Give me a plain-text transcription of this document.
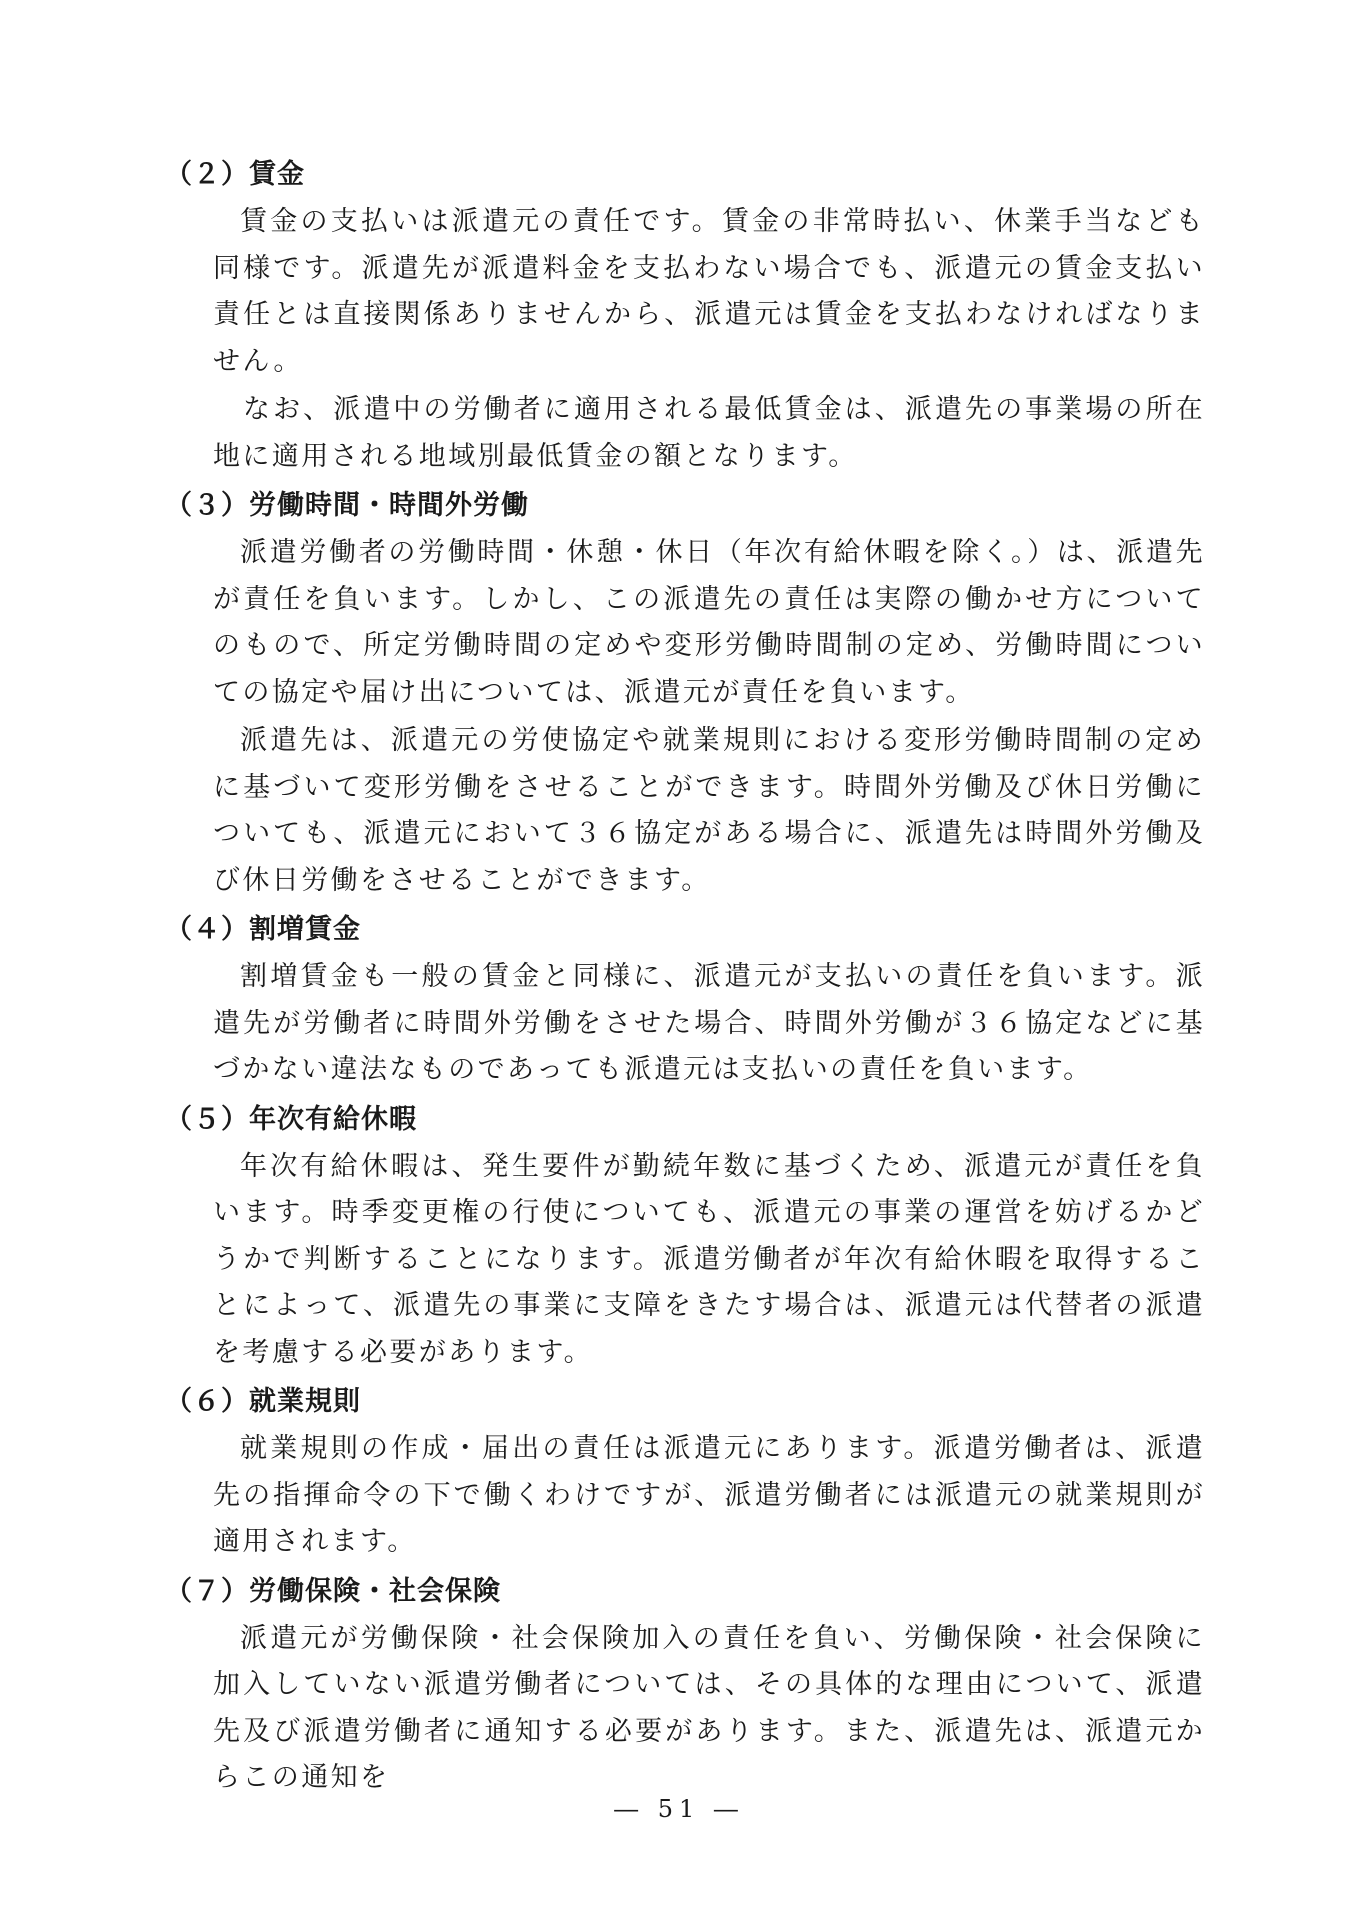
（２）賃金

賃金の支払いは派遣元の責任です。賃金の非常時払い、休業手当なども同様です。派遣先が派遣料金を支払わない場合でも、派遣元の賃金支払い責任とは直接関係ありませんから、派遣元は賃金を支払わなければなりません。

なお、派遣中の労働者に適用される最低賃金は、派遣先の事業場の所在地に適用される地域別最低賃金の額となります。

（３）労働時間・時間外労働

派遣労働者の労働時間・休憩・休日（年次有給休暇を除く。）は、派遣先が責任を負います。しかし、この派遣先の責任は実際の働かせ方についてのもので、所定労働時間の定めや変形労働時間制の定め、労働時間についての協定や届け出については、派遣元が責任を負います。

派遣先は、派遣元の労使協定や就業規則における変形労働時間制の定めに基づいて変形労働をさせることができます。時間外労働及び休日労働についても、派遣元において３６協定がある場合に、派遣先は時間外労働及び休日労働をさせることができます。

（４）割増賃金

割増賃金も一般の賃金と同様に、派遣元が支払いの責任を負います。派遣先が労働者に時間外労働をさせた場合、時間外労働が３６協定などに基づかない違法なものであっても派遣元は支払いの責任を負います。

（５）年次有給休暇

年次有給休暇は、発生要件が勤続年数に基づくため、派遣元が責任を負います。時季変更権の行使についても、派遣元の事業の運営を妨げるかどうかで判断することになります。派遣労働者が年次有給休暇を取得することによって、派遣先の事業に支障をきたす場合は、派遣元は代替者の派遣を考慮する必要があります。

（６）就業規則

就業規則の作成・届出の責任は派遣元にあります。派遣労働者は、派遣先の指揮命令の下で働くわけですが、派遣労働者には派遣元の就業規則が適用されます。

（７）労働保険・社会保険

派遣元が労働保険・社会保険加入の責任を負い、労働保険・社会保険に加入していない派遣労働者については、その具体的な理由について、派遣先及び派遣労働者に通知する必要があります。また、派遣先は、派遣元からこの通知を

― 51 ―
